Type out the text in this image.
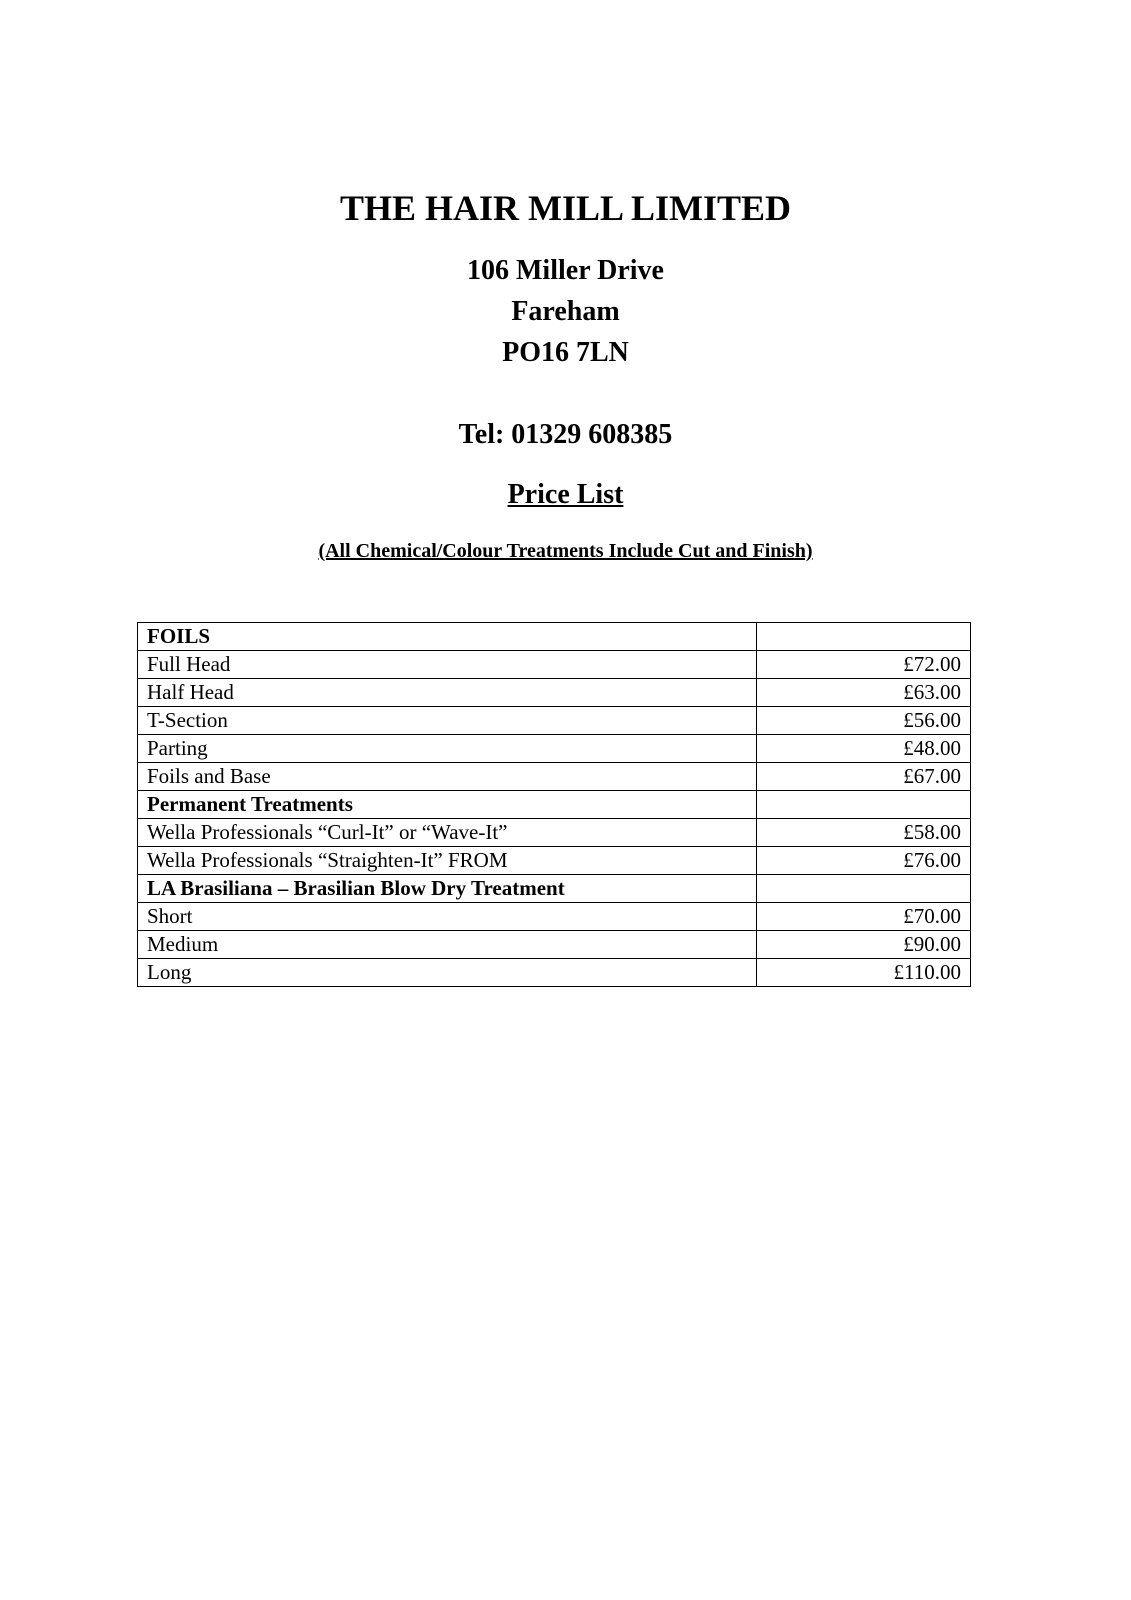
THE HAIR MILL LIMITED
106 Miller Drive
Fareham
PO16 7LN
Tel: 01329 608385
Price List
(All Chemical/Colour Treatments Include Cut and Finish)
FOILS	
Full Head	£72.00
Half Head	£63.00
T-Section	£56.00
Parting	£48.00
Foils and Base	£67.00
Permanent Treatments	
Wella Professionals “Curl-It” or “Wave-It”	£58.00
Wella Professionals “Straighten-It” FROM	£76.00
LA Brasiliana – Brasilian Blow Dry Treatment	
Short	£70.00
Medium	£90.00
Long	£110.00
